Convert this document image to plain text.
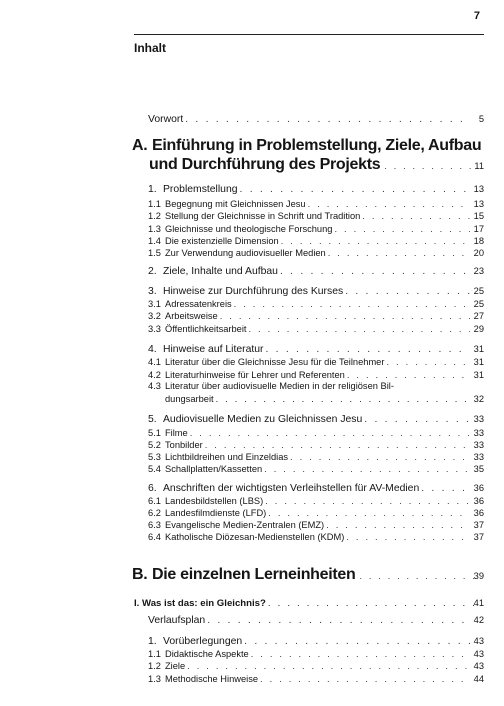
7
Inhalt
Vorwort . . .	5
1. Problemstellung . . .	13
1.1 Begegnung mit Gleichnissen Jesu . . .	13
1.2 Stellung der Gleichnisse in Schrift und Tradition . . .	15
1.3 Gleichnisse und theologische Forschung . . .	17
1.4 Die existenzielle Dimension . . .	18
1.5 Zur Verwendung audiovisueller Medien . . .	20
2. Ziele, Inhalte und Aufbau . . .	23
3. Hinweise zur Durchführung des Kurses . . .	25
3.1 Adressatenkreis . . .	25
3.2 Arbeitsweise . . .	27
3.3 Öffentlichkeitsarbeit . . .	29
4. Hinweise auf Literatur . . .	31
4.1 Literatur über die Gleichnisse Jesu für die Teilnehmer . . .	31
4.2 Literaturhinweise für Lehrer und Referenten . . .	31
4.3 Literatur über audiovisuelle Medien in der religiösen Bil-
dungsarbeit . . .	32
5. Audiovisuelle Medien zu Gleichnissen Jesu . . .	33
5.1 Filme . . .	33
5.2 Tonbilder . . .	33
5.3 Lichtbildreihen und Einzeldias . . .	33
5.4 Schallplatten/Kassetten . . .	35
6. Anschriften der wichtigsten Verleihstellen für AV-Medien . . .	36
6.1 Landesbildstellen (LBS) . . .	36
6.2 Landesfilmdienste (LFD) . . .	36
6.3 Evangelische Medien-Zentralen (EMZ) . . .	37
6.4 Katholische Diözesan-Medienstellen (KDM) . . .	37
Verlaufsplan . . .	42
1. Vorüberlegungen . . .	43
1.1 Didaktische Aspekte . . .	43
1.2 Ziele . . .	43
1.3 Methodische Hinweise . . .	44
A. Einführung in Problemstellung, Ziele, Aufbau
und Durchführung des Projekts . . .	11
B. Die einzelnen Lerneinheiten . . .	39
I. Was ist das: ein Gleichnis? . . .	41
